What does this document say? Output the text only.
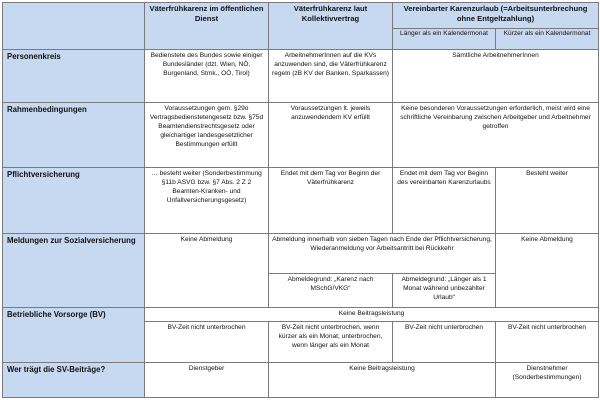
	Väterfrühkarenz im öffentlichen Dienst	Väterfrühkarenz laut Kollektivvertrag	Vereinbarter Karenzurlaub (=Arbeitsunterbrechung ohne Entgeltzahlung)	
			Länger als ein Kalendermonat	Kürzer als ein Kalendermonat
Personenkreis	Bedienstete des Bundes sowie einiger Bundesländer (dzt. Wien, NÖ, Burgenland, Stmk., OÖ, Tirol)	ArbeitnehmerInnen auf die KVs anzuwenden sind, die Väterfrühkarenz regeln (zB KV der Banken, Sparkassen)	Sämtliche ArbeitnehmerInnen	
Rahmenbedingungen	Voraussetzungen gem. §29o Vertragsbedienstetengesetz bzw. §75d Beamtendienstrechtsgesetz oder gleichartiger landesgesetzlicher Bestimmungen erfüllt	Voraussetzungen lt. jeweils anzuwendendem KV erfüllt	Keine besonderen Voraussetzungen erforderlich, meist wird eine schriftliche Vereinbarung zwischen Arbeitgeber und Arbeitnehmer getroffen	
Pflichtversicherung	… besteht weiter (Sonderbestimmung §11b ASVG bzw. §7 Abs. 2 Z 2 Beamten-Kranken- und Unfallversicherungsgesetz)	Endet mit dem Tag vor Beginn der Väterfrühkarenz	Endet mit dem Tag vor Beginn des vereinbarten Karenzurlaubs	Besteht weiter
Meldungen zur Sozialversicherung	Keine Abmeldung	Abmeldung innerhalb von sieben Tagen nach Ende der Pflichtversicherung, Wiederanmeldung vor Arbeitsantritt bei Rückkehr		Keine Abmeldung
		Abmeldegrund: „Karenz nach MSchG/VKG“	Abmeldegrund: „Länger als 1 Monat während unbezahlter Urlaub“	
Betriebliche Vorsorge (BV)	Keine Beitragsleistung			
	BV-Zeit nicht unterbrochen	BV-Zeit nicht unterbrochen, wenn kürzer als ein Monat; unterbrochen, wenn länger als ein Monat	BV-Zeit nicht unterbrochen	BV-Zeit nicht unterbrochen
Wer trägt die SV-Beiträge?	Dienstgeber	Keine Beitragsleistung		Dienstnehmer (Sonderbestimmungen)
